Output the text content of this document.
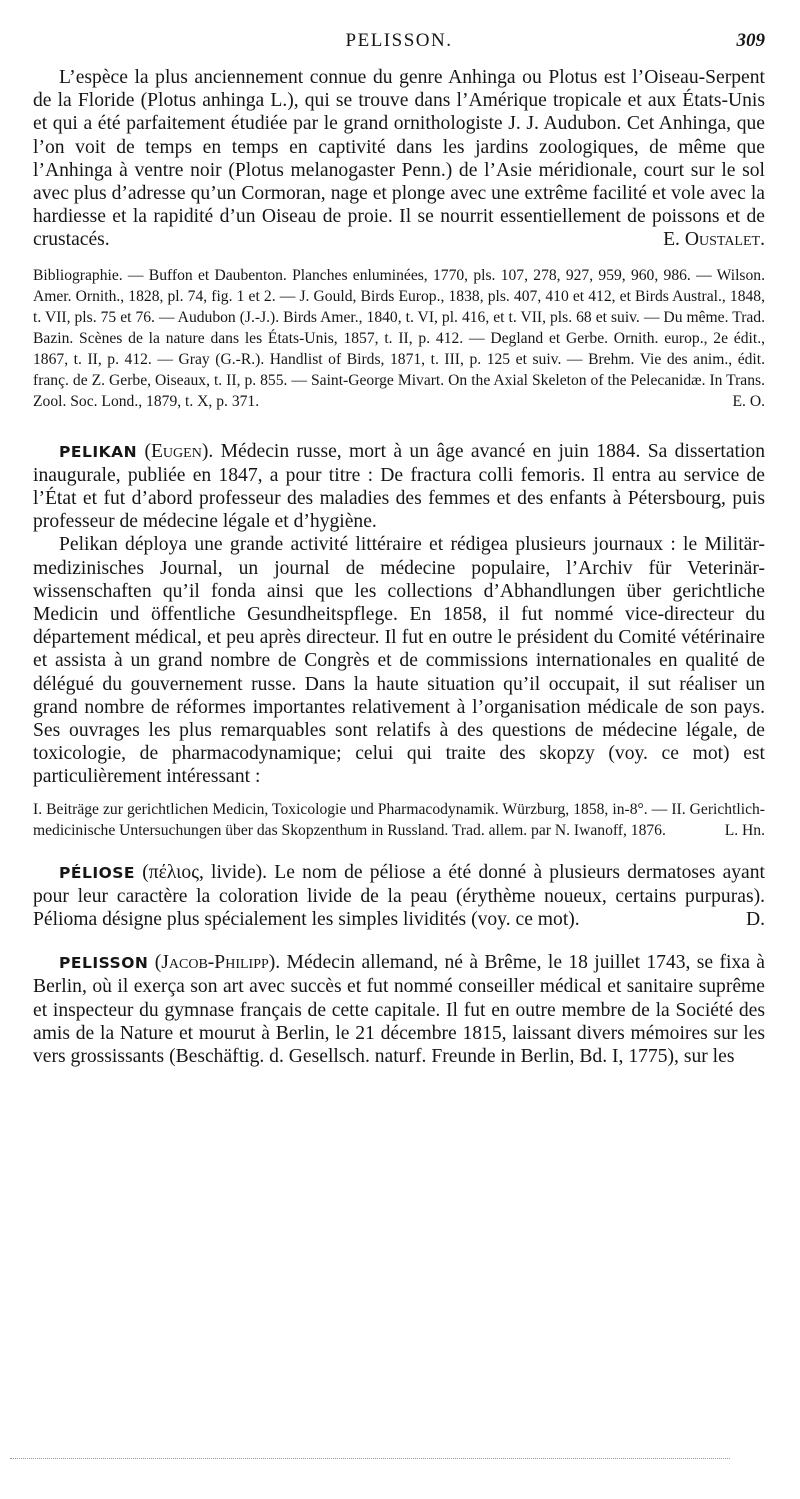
PELISSON.	309

L’espèce la plus anciennement connue du genre Anhinga ou Plotus est l’Oiseau-Serpent de la Floride (Plotus anhinga L.), qui se trouve dans l’Amérique tropicale et aux États-Unis et qui a été parfaitement étudiée par le grand ornithologiste J. J. Audubon. Cet Anhinga, que l’on voit de temps en temps en captivité dans les jardins zoologiques, de même que l’Anhinga à ventre noir (Plotus melanogaster Penn.) de l’Asie méridionale, court sur le sol avec plus d’adresse qu’un Cormoran, nage et plonge avec une extrême facilité et vole avec la hardiesse et la rapidité d’un Oiseau de proie. Il se nourrit essentiellement de poissons et de crustacés.	E. Oustalet.

Bibliographie. — Buffon et Daubenton. Planches enluminées, 1770, pls. 107, 278, 927, 959, 960, 986. — Wilson. Amer. Ornith., 1828, pl. 74, fig. 1 et 2. — J. Gould, Birds Europ., 1838, pls. 407, 410 et 412, et Birds Austral., 1848, t. VII, pls. 75 et 76. — Audubon (J.-J.). Birds Amer., 1840, t. VI, pl. 416, et t. VII, pls. 68 et suiv. — Du même. Trad. Bazin. Scènes de la nature dans les États-Unis, 1857, t. II, p. 412. — Degland et Gerbe. Ornith. europ., 2e édit., 1867, t. II, p. 412. — Gray (G.-R.). Handlist of Birds, 1871, t. III, p. 125 et suiv. — Brehm. Vie des anim., édit. franç. de Z. Gerbe, Oiseaux, t. II, p. 855. — Saint-George Mivart. On the Axial Skeleton of the Pelecanidæ. In Trans. Zool. Soc. Lond., 1879, t. X, p. 371.	E. O.

PELIKAN (Eugen). Médecin russe, mort à un âge avancé en juin 1884. Sa dissertation inaugurale, publiée en 1847, a pour titre : De fractura colli femoris. Il entra au service de l’État et fut d’abord professeur des maladies des femmes et des enfants à Pétersbourg, puis professeur de médecine légale et d’hygiène.

Pelikan déploya une grande activité littéraire et rédigea plusieurs journaux : le Militär-medizinisches Journal, un journal de médecine populaire, l’Archiv für Veterinär-wissenschaften qu’il fonda ainsi que les collections d’Abhandlungen über gerichtliche Medicin und öffentliche Gesundheitspflege. En 1858, il fut nommé vice-directeur du département médical, et peu après directeur. Il fut en outre le président du Comité vétérinaire et assista à un grand nombre de Congrès et de commissions internationales en qualité de délégué du gouvernement russe. Dans la haute situation qu’il occupait, il sut réaliser un grand nombre de réformes importantes relativement à l’organisation médicale de son pays. Ses ouvrages les plus remarquables sont relatifs à des questions de médecine légale, de toxicologie, de pharmacodynamique; celui qui traite des skopzy (voy. ce mot) est particulièrement intéressant :

I. Beiträge zur gerichtlichen Medicin, Toxicologie und Pharmacodynamik. Würzburg, 1858, in-8°. — II. Gerichtlich-medicinische Untersuchungen über das Skopzenthum in Russland. Trad. allem. par N. Iwanoff, 1876.	L. Hn.

PÉLIOSE (πέλιος, livide). Le nom de péliose a été donné à plusieurs dermatoses ayant pour leur caractère la coloration livide de la peau (érythème noueux, certains purpuras). Pélioma désigne plus spécialement les simples lividités (voy. ce mot).	D.

PELISSON (Jacob-Philipp). Médecin allemand, né à Brême, le 18 juillet 1743, se fixa à Berlin, où il exerça son art avec succès et fut nommé conseiller médical et sanitaire suprême et inspecteur du gymnase français de cette capitale. Il fut en outre membre de la Société des amis de la Nature et mourut à Berlin, le 21 décembre 1815, laissant divers mémoires sur les vers grossissants (Beschäftig. d. Gesellsch. naturf. Freunde in Berlin, Bd. I, 1775), sur les
